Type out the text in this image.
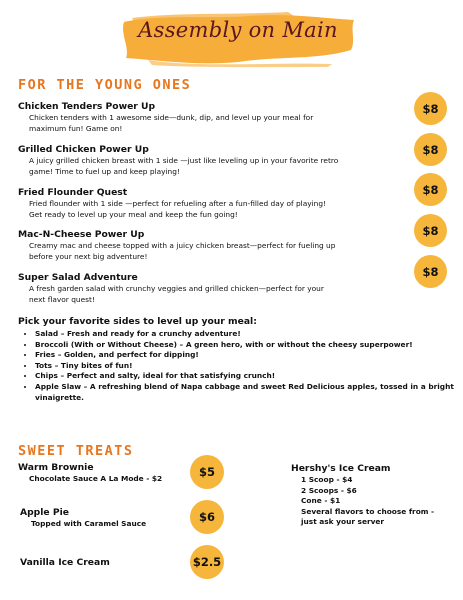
Assembly on Main
FOR THE YOUNG ONES
Chicken Tenders Power Up
Chicken tenders with 1 awesome side—dunk, dip, and level up your meal for
maximum fun! Game on!
$8
Grilled Chicken Power Up
A juicy grilled chicken breast with 1 side —just like leveling up in your favorite retro
game! Time to fuel up and keep playing!
$8
Fried Flounder Quest
Fried flounder with 1 side —perfect for refueling after a fun-filled day of playing!
Get ready to level up your meal and keep the fun going!
$8
Mac-N-Cheese Power Up
Creamy mac and cheese topped with a juicy chicken breast—perfect for fueling up
before your next big adventure!
$8
Super Salad Adventure
A fresh garden salad with crunchy veggies and grilled chicken—perfect for your
next flavor quest!
$8
Pick your favorite sides to level up your meal:
• Salad – Fresh and ready for a crunchy adventure!
• Broccoli (With or Without Cheese) – A green hero, with or without the cheesy superpower!
• Fries – Golden, and perfect for dipping!
• Tots – Tiny bites of fun!
• Chips – Perfect and salty, ideal for that satisfying crunch!
• Apple Slaw – A refreshing blend of Napa cabbage and sweet Red Delicious apples, tossed in a bright vinaigrette.
SWEET TREATS
Warm Brownie
Chocolate Sauce A La Mode - $2	$5
Apple Pie
Topped with Caramel Sauce	$6
Vanilla Ice Cream	$2.5
Hershy's Ice Cream
1 Scoop - $4
2 Scoops - $6
Cone - $1
Several flavors to choose from -
just ask your server
